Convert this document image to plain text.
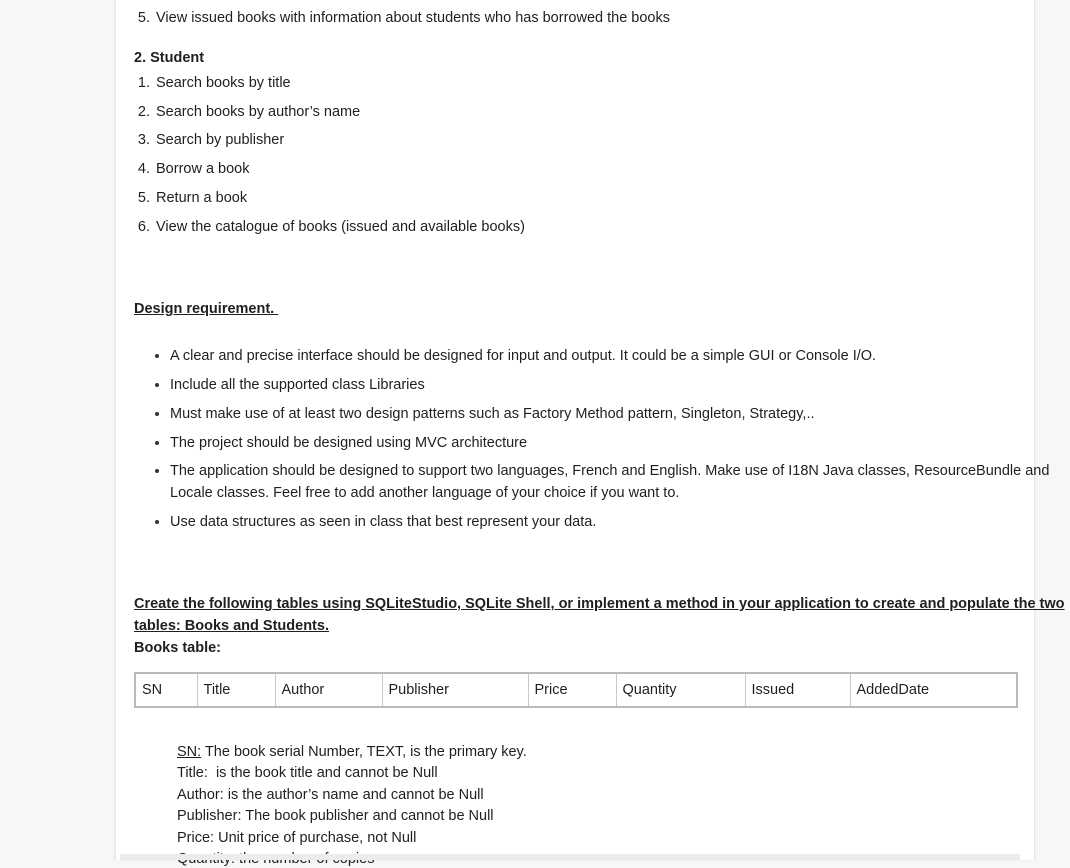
5. View issued books with information about students who has borrowed the books
2. Student
1. Search books by title
2. Search books by author’s name
3. Search by publisher
4. Borrow a book
5. Return a book
6. View the catalogue of books (issued and available books)
Design requirement.
A clear and precise interface should be designed for input and output. It could be a simple GUI or Console I/O.
Include all the supported class Libraries
Must make use of at least two design patterns such as Factory Method pattern, Singleton, Strategy,..
The project should be designed using MVC architecture
The application should be designed to support two languages, French and English. Make use of I18N Java classes, ResourceBundle and
Locale classes. Feel free to add another language of your choice if you want to.
Use data structures as seen in class that best represent your data.
Create the following tables using SQLiteStudio, SQLite Shell, or implement a method in your application to create and populate the two
tables: Books and Students.
Books table:
SN	Title	Author	Publisher	Price	Quantity	Issued	AddedDate
SN: The book serial Number, TEXT, is the primary key.
Title:  is the book title and cannot be Null
Author: is the author’s name and cannot be Null
Publisher: The book publisher and cannot be Null
Price: Unit price of purchase, not Null
